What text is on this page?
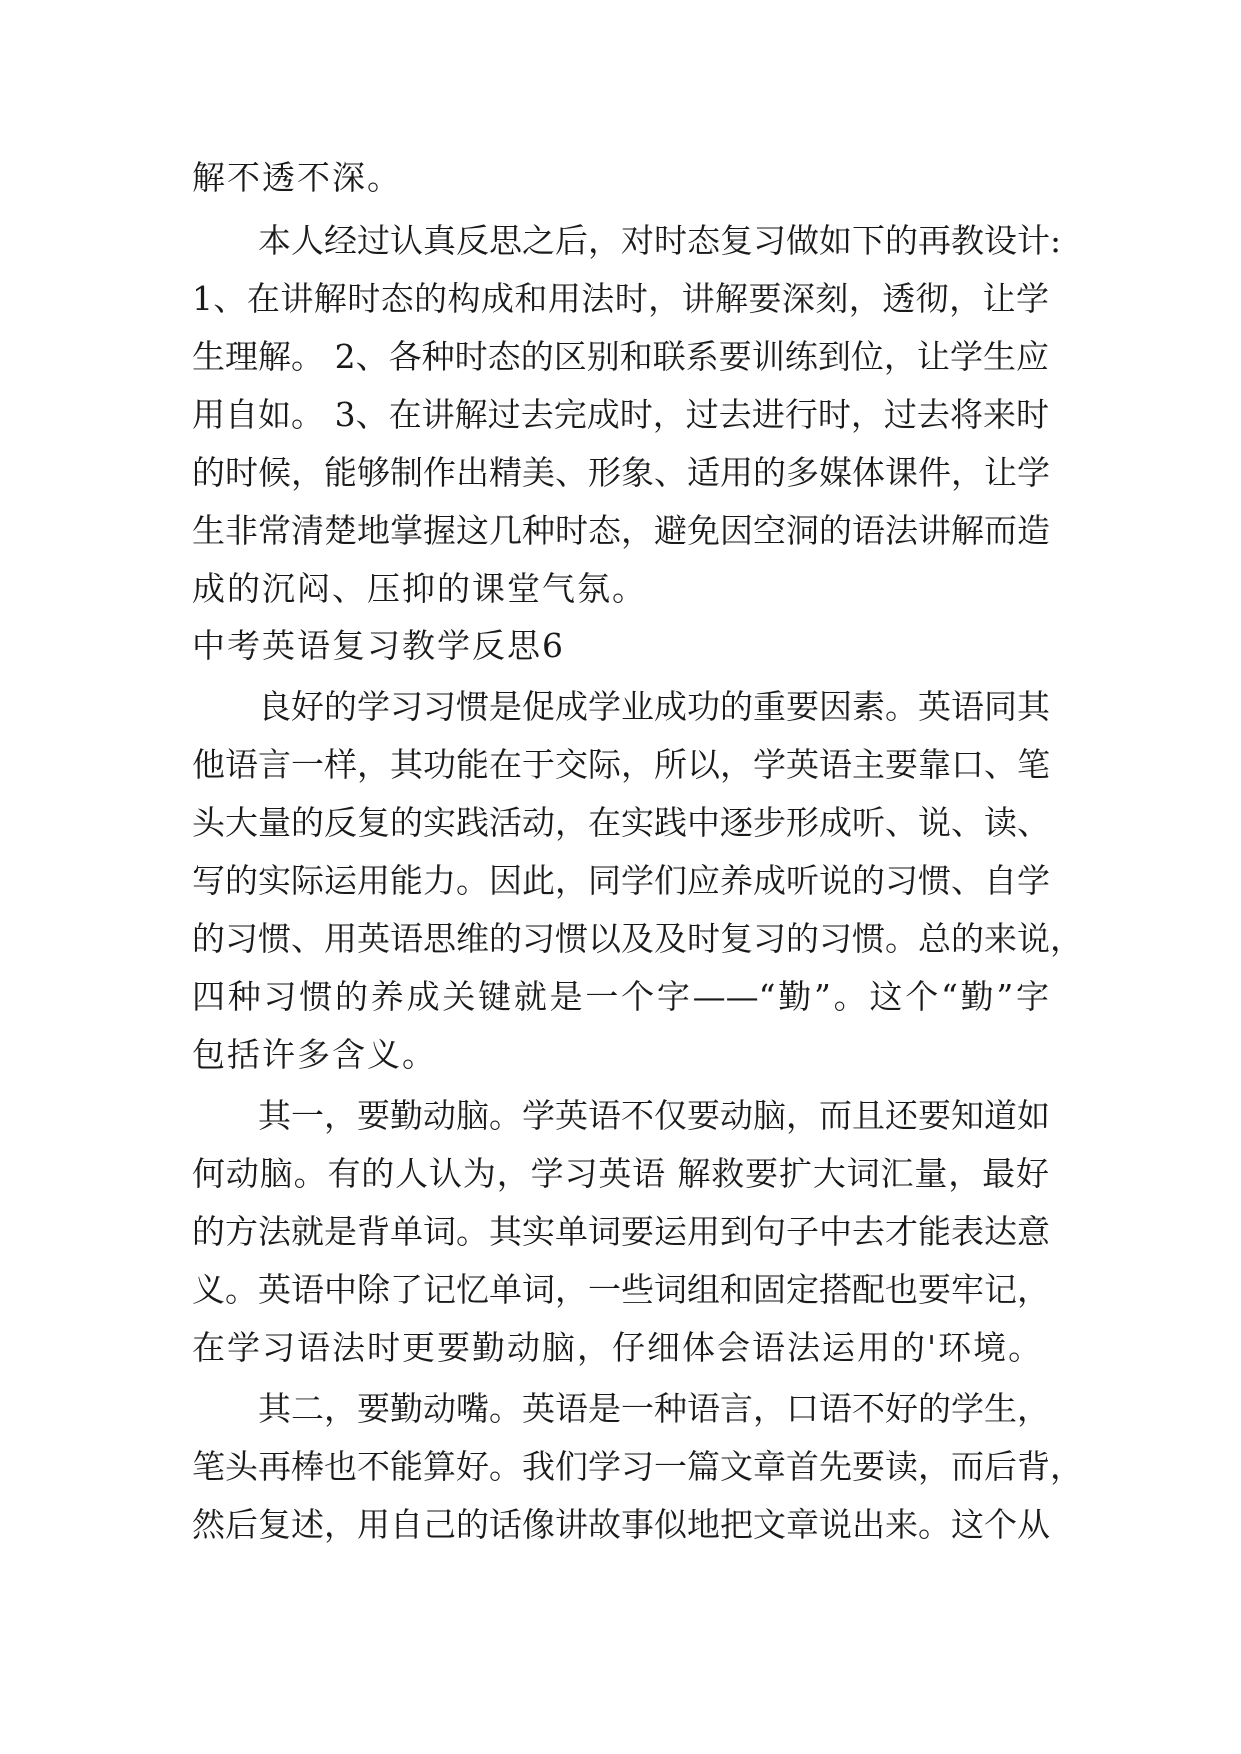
解不透不深。
本人经过认真反思之后，对时态复习做如下的再教设计:
1、在讲解时态的构成和用法时，讲解要深刻，透彻，让学
生理解。 2、各种时态的区别和联系要训练到位，让学生应
用自如。 3、在讲解过去完成时，过去进行时，过去将来时
的时候，能够制作出精美、形象、适用的多媒体课件，让学
生非常清楚地掌握这几种时态，避免因空洞的语法讲解而造
成的沉闷、压抑的课堂气氛。
中考英语复习教学反思6
良好的学习习惯是促成学业成功的重要因素。英语同其
他语言一样，其功能在于交际，所以，学英语主要靠口、笔
头大量的反复的实践活动，在实践中逐步形成听、说、读、
写的实际运用能力。因此，同学们应养成听说的习惯、自学
的习惯、用英语思维的习惯以及及时复习的习惯。总的来说，
四种习惯的养成关键就是一个字——“勤”。这个“勤”字
包括许多含义。
其一，要勤动脑。学英语不仅要动脑，而且还要知道如
何动脑。有的人认为，学习英语 解救要扩大词汇量，最好
的方法就是背单词。其实单词要运用到句子中去才能表达意
义。英语中除了记忆单词，一些词组和固定搭配也要牢记，
在学习语法时更要勤动脑，仔细体会语法运用的'环境。
其二，要勤动嘴。英语是一种语言，口语不好的学生，
笔头再棒也不能算好。我们学习一篇文章首先要读，而后背，
然后复述，用自己的话像讲故事似地把文章说出来。这个从
